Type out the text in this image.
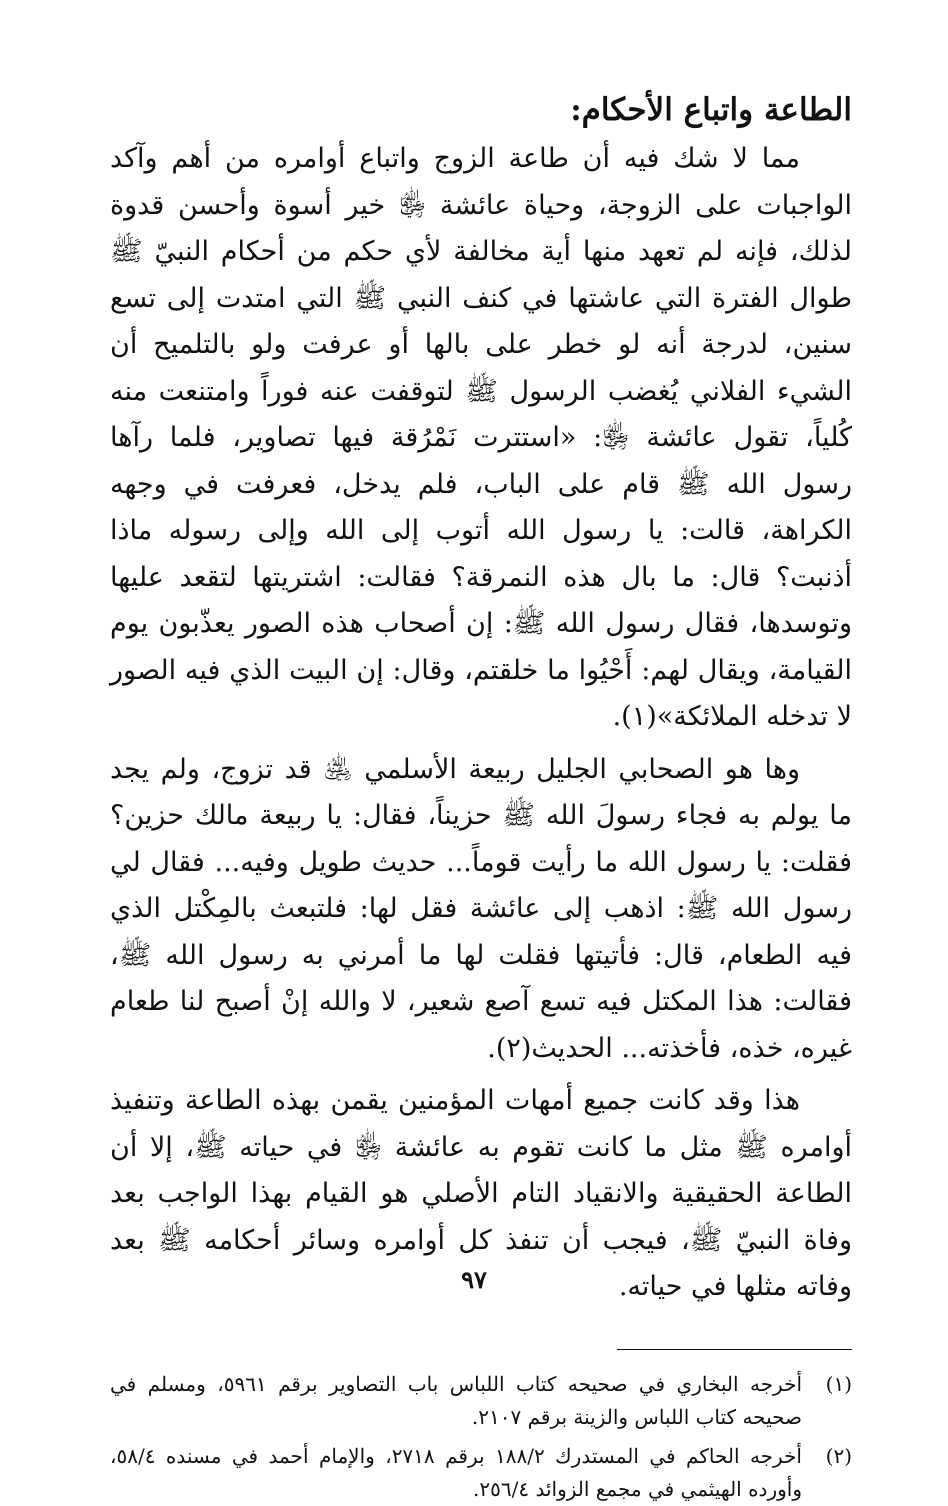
الطاعة واتباع الأحكام:

مما لا شك فيه أن طاعة الزوج واتباع أوامره من أهم وآكد الواجبات على الزوجة، وحياة عائشة ﵂ خير أسوة وأحسن قدوة لذلك، فإنه لم تعهد منها أية مخالفة لأي حكم من أحكام النبيّ ﷺ طوال الفترة التي عاشتها في كنف النبي ﷺ التي امتدت إلى تسع سنين، لدرجة أنه لو خطر على بالها أو عرفت ولو بالتلميح أن الشيء الفلاني يُغضب الرسول ﷺ لتوقفت عنه فوراً وامتنعت منه كُلياً، تقول عائشة ﵂: «استترت نَمْرُقة فيها تصاوير، فلما رآها رسول الله ﷺ قام على الباب، فلم يدخل، فعرفت في وجهه الكراهة، قالت: يا رسول الله أتوب إلى الله وإلى رسوله ماذا أذنبت؟ قال: ما بال هذه النمرقة؟ فقالت: اشتريتها لتقعد عليها وتوسدها، فقال رسول الله ﷺ: إن أصحاب هذه الصور يعذّبون يوم القيامة، ويقال لهم: أَحْيُوا ما خلقتم، وقال: إن البيت الذي فيه الصور لا تدخله الملائكة»(١).

وها هو الصحابي الجليل ربيعة الأسلمي ﵁ قد تزوج، ولم يجد ما يولم به فجاء رسولَ الله ﷺ حزيناً، فقال: يا ربيعة مالك حزين؟ فقلت: يا رسول الله ما رأيت قوماً... حديث طويل وفيه... فقال لي رسول الله ﷺ: اذهب إلى عائشة فقل لها: فلتبعث بالمِكْتل الذي فيه الطعام، قال: فأتيتها فقلت لها ما أمرني به رسول الله ﷺ، فقالت: هذا المكتل فيه تسع آصع شعير، لا والله إنْ أصبح لنا طعام غيره، خذه، فأخذته... الحديث(٢).

هذا وقد كانت جميع أمهات المؤمنين يقمن بهذه الطاعة وتنفيذ أوامره ﷺ مثل ما كانت تقوم به عائشة ﵂ في حياته ﷺ، إلا أن الطاعة الحقيقية والانقياد التام الأصلي هو القيام بهذا الواجب بعد وفاة النبيّ ﷺ، فيجب أن تنفذ كل أوامره وسائر أحكامه ﷺ بعد وفاته مثلها في حياته.

(١)
أخرجه البخاري في صحيحه كتاب اللباس باب التصاوير برقم ٥٩٦١، ومسلم في صحيحه كتاب اللباس والزينة برقم ٢١٠٧.
(٢)
أخرجه الحاكم في المستدرك ١٨٨/٢ برقم ٢٧١٨، والإمام أحمد في مسنده ٥٨/٤، وأورده الهيثمي في مجمع الزوائد ٢٥٦/٤.
٩٧
